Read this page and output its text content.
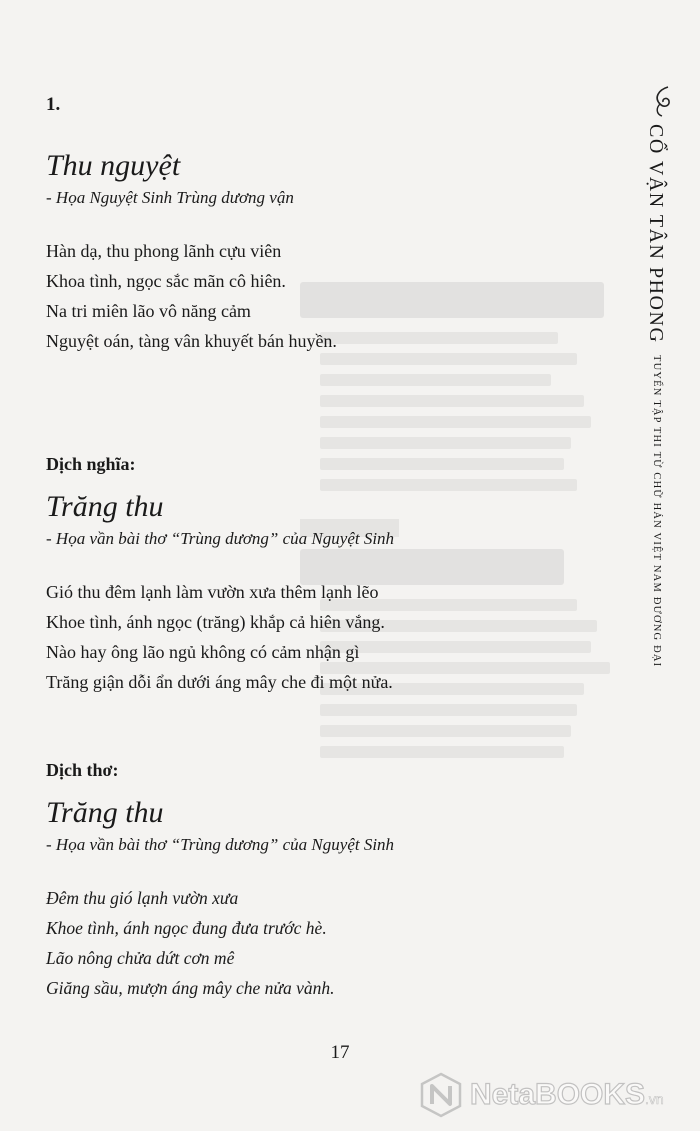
1.

Thu nguyệt

- Họa Nguyệt Sinh Trùng dương vận

Hàn dạ, thu phong lãnh cựu viên
Khoa tình, ngọc sắc mãn cô hiên.
Na tri miên lão vô năng cảm
Nguyệt oán, tàng vân khuyết bán huyền.

Dịch nghĩa:

Trăng thu

- Họa vần bài thơ “Trùng dương” của Nguyệt Sinh

Gió thu đêm lạnh làm vườn xưa thêm lạnh lẽo
Khoe tình, ánh ngọc (trăng) khắp cả hiên vắng.
Nào hay ông lão ngủ không có cảm nhận gì
Trăng giận dỗi ẩn dưới áng mây che đi một nửa.

Dịch thơ:

Trăng thu

- Họa vần bài thơ “Trùng dương” của Nguyệt Sinh

Đêm thu gió lạnh vườn xưa
Khoe tình, ánh ngọc đung đưa trước hè.
Lão nông chửa dứt cơn mê
Giăng sầu, mượn áng mây che nửa vành.
CỔ VẬN TÂN PHONG TUYỂN TẬP THI TỪ CHỮ HÁN VIỆT NAM ĐƯƠNG ĐẠI
17
NetaBOOKS.vn
